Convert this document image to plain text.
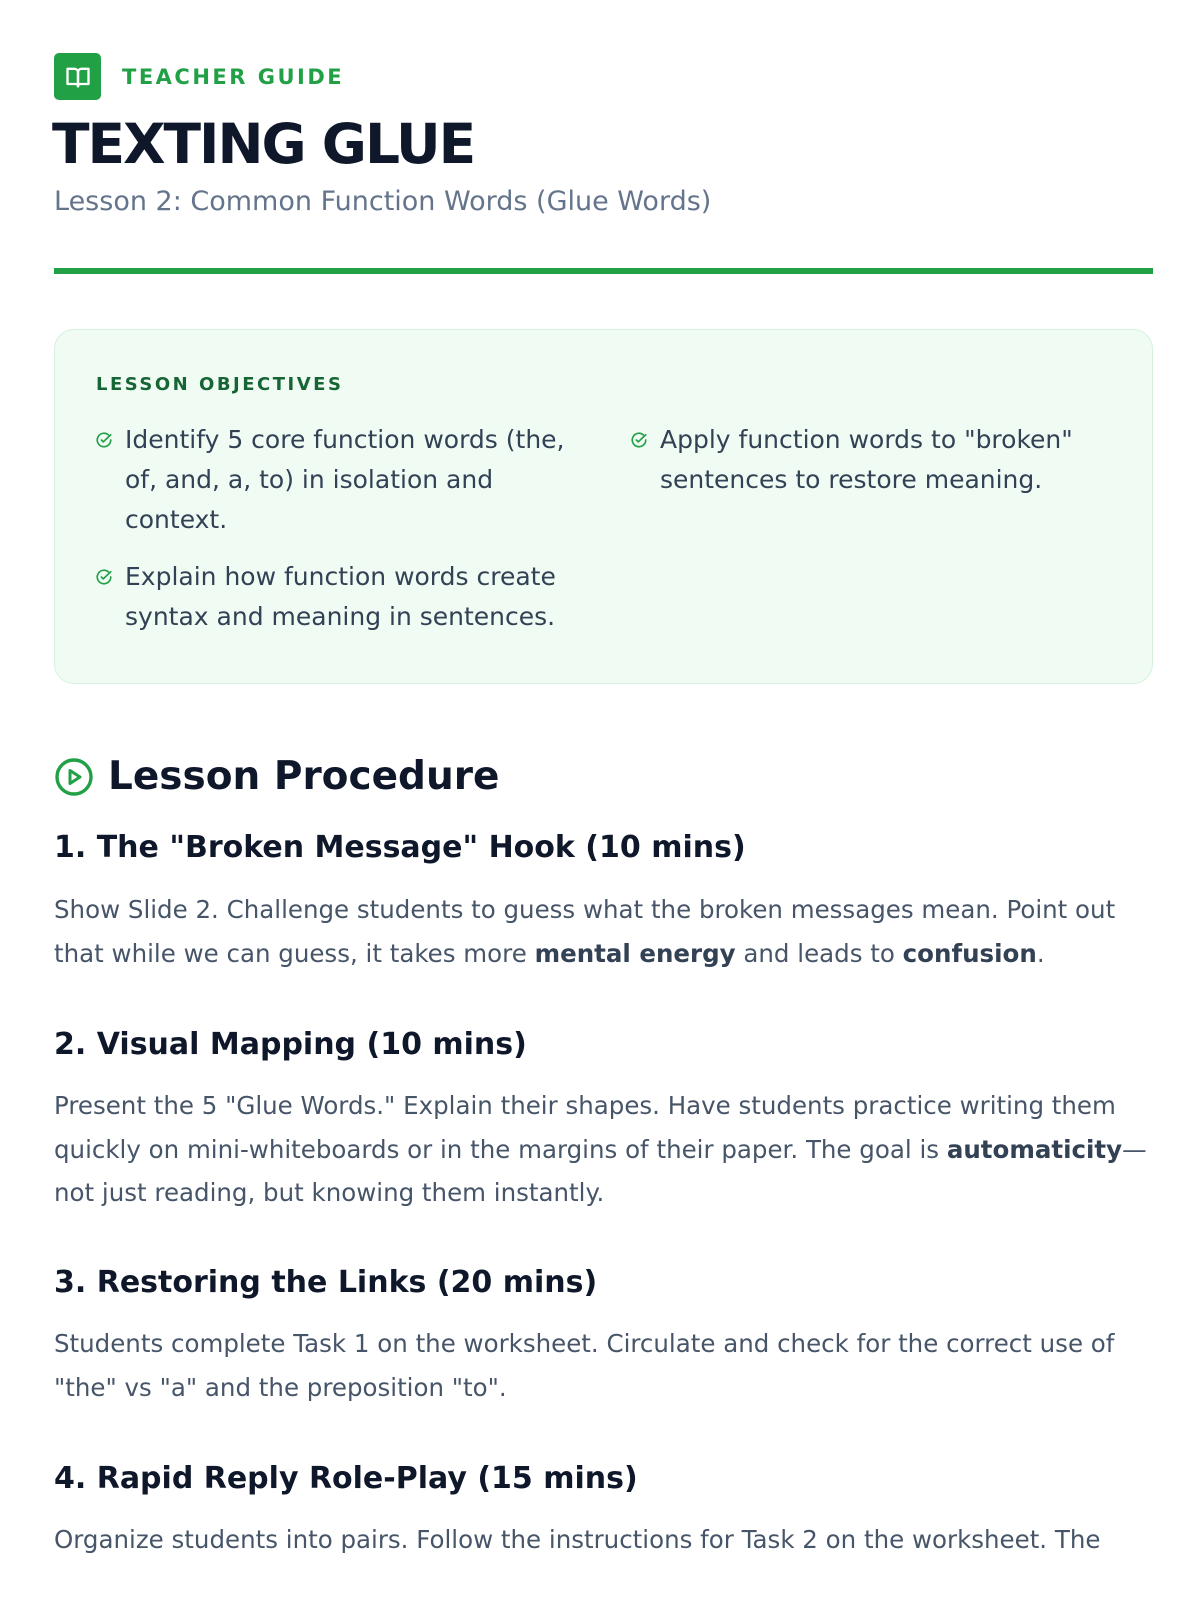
TEACHER GUIDE
TEXTING GLUE
Lesson 2: Common Function Words (Glue Words)
LESSON OBJECTIVES
Identify 5 core function words (the, of, and, a, to) in isolation and context.
Explain how function words create syntax and meaning in sentences.
Apply function words to "broken" sentences to restore meaning.
Lesson Procedure
1. The "Broken Message" Hook (10 mins)

Show Slide 2. Challenge students to guess what the broken messages mean. Point out that while we can guess, it takes more mental energy and leads to confusion.

2. Visual Mapping (10 mins)

Present the 5 "Glue Words." Explain their shapes. Have students practice writing them quickly on mini-whiteboards or in the margins of their paper. The goal is automaticity—not just reading, but knowing them instantly.

3. Restoring the Links (20 mins)

Students complete Task 1 on the worksheet. Circulate and check for the correct use of "the" vs "a" and the preposition "to".

4. Rapid Reply Role-Play (15 mins)

Organize students into pairs. Follow the instructions for Task 2 on the worksheet. The
